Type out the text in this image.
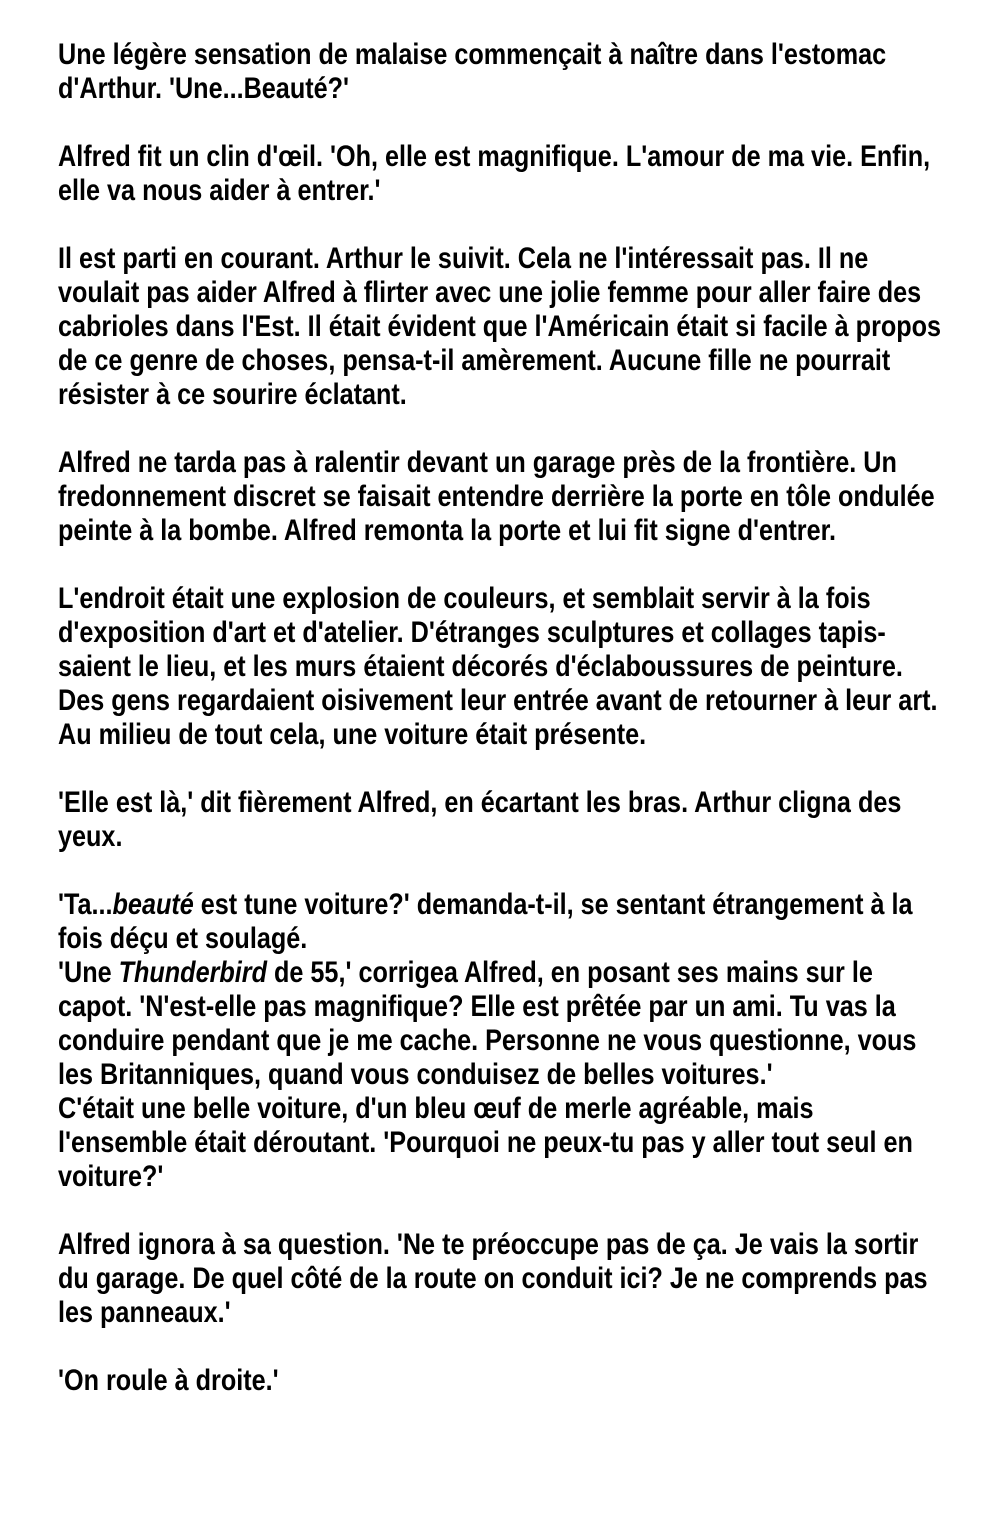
Une légère sensation de malaise commençait à naître dans l'estomac
d'Arthur. 'Une...Beauté?'
Alfred fit un clin d'œil. 'Oh, elle est magnifique. L'amour de ma vie. Enfin,
elle va nous aider à entrer.'
Il est parti en courant. Arthur le suivit. Cela ne l'intéressait pas. Il ne
voulait pas aider Alfred à flirter avec une jolie femme pour aller faire des
cabrioles dans l'Est. Il était évident que l'Américain était si facile à propos
de ce genre de choses, pensa-t-il amèrement. Aucune fille ne pourrait
résister à ce sourire éclatant.
Alfred ne tarda pas à ralentir devant un garage près de la frontière. Un
fredonnement discret se faisait entendre derrière la porte en tôle ondulée
peinte à la bombe. Alfred remonta la porte et lui fit signe d'entrer.
L'endroit était une explosion de couleurs, et semblait servir à la fois
d'exposition d'art et d'atelier. D'étranges sculptures et collages tapis-
saient le lieu, et les murs étaient décorés d'éclaboussures de peinture.
Des gens regardaient oisivement leur entrée avant de retourner à leur art.
Au milieu de tout cela, une voiture était présente.
'Elle est là,' dit fièrement Alfred, en écartant les bras. Arthur cligna des
yeux.
'Ta...beauté est tune voiture?' demanda-t-il, se sentant étrangement à la
fois déçu et soulagé.
'Une Thunderbird de 55,' corrigea Alfred, en posant ses mains sur le
capot. 'N'est-elle pas magnifique? Elle est prêtée par un ami. Tu vas la
conduire pendant que je me cache. Personne ne vous questionne, vous
les Britanniques, quand vous conduisez de belles voitures.'
C'était une belle voiture, d'un bleu œuf de merle agréable, mais
l'ensemble était déroutant. 'Pourquoi ne peux-tu pas y aller tout seul en
voiture?'
Alfred ignora à sa question. 'Ne te préoccupe pas de ça. Je vais la sortir
du garage. De quel côté de la route on conduit ici? Je ne comprends pas
les panneaux.'
'On roule à droite.'
